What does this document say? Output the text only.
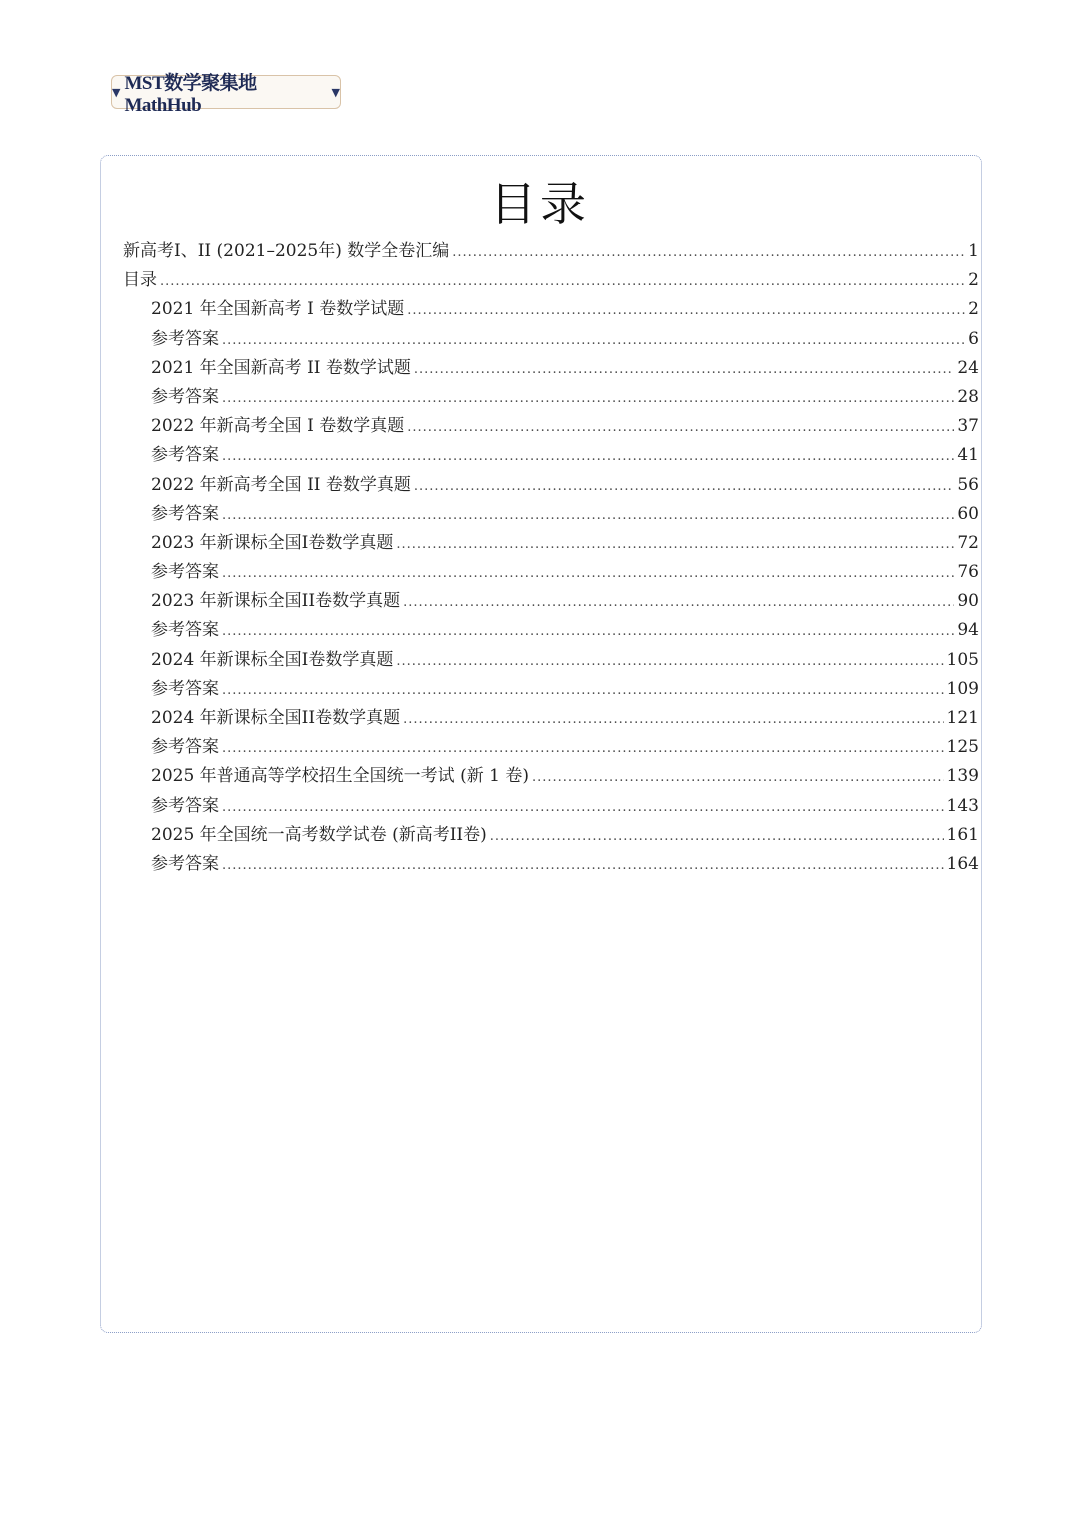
▼ MST数学聚集地MathHub
▼
目录
新高考I、II (2021–2025年) 数学全卷汇编 .....	1
目录 .....	2
2021 年全国新高考 I 卷数学试题 .....	2
参考答案 .....	6
2021 年全国新高考 II 卷数学试题 .....	24
参考答案 .....	28
2022 年新高考全国 I 卷数学真题 .....	37
参考答案 .....	41
2022 年新高考全国 II 卷数学真题 .....	56
参考答案 .....	60
2023 年新课标全国I卷数学真题 .....	72
参考答案 .....	76
2023 年新课标全国II卷数学真题 .....	90
参考答案 .....	94
2024 年新课标全国I卷数学真题 .....	105
参考答案 .....	109
2024 年新课标全国II卷数学真题 .....	121
参考答案 .....	125
2025 年普通高等学校招生全国统一考试 (新 1 卷) .....	139
参考答案 .....	143
2025 年全国统一高考数学试卷 (新高考II卷) .....	161
参考答案 .....	164
